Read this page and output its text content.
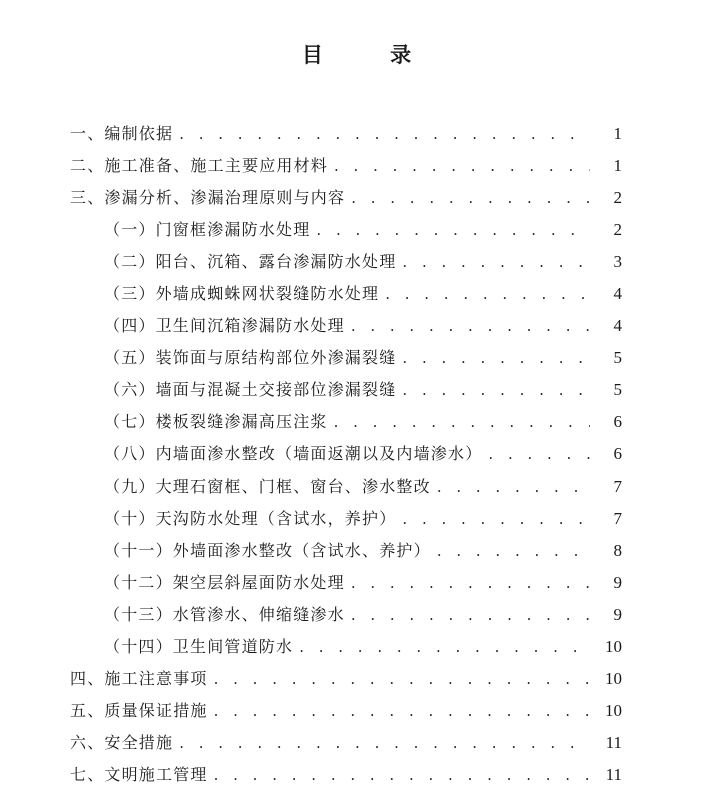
目 录
一、编制依据 . . .	1
二、施工准备、施工主要应用材料 . . .	1
三、渗漏分析、渗漏治理原则与内容 . . .	2
（一）门窗框渗漏防水处理 . . .	2
（二）阳台、沉箱、露台渗漏防水处理 . . .	3
（三）外墙成蜘蛛网状裂缝防水处理 . . .	4
（四）卫生间沉箱渗漏防水处理 . . .	4
（五）装饰面与原结构部位外渗漏裂缝 . . .	5
（六）墙面与混凝土交接部位渗漏裂缝 . . .	5
（七）楼板裂缝渗漏高压注浆 . . .	6
（八）内墙面渗水整改（墙面返潮以及内墙渗水） . . .	6
（九）大理石窗框、门框、窗台、渗水整改 . . .	7
（十）天沟防水处理（含试水，养护） . . .	7
（十一）外墙面渗水整改（含试水、养护） . . .	8
（十二）架空层斜屋面防水处理 . . .	9
（十三）水管渗水、伸缩缝渗水 . . .	9
（十四）卫生间管道防水 . . .	10
四、施工注意事项 . . .	10
五、质量保证措施 . . .	10
六、安全措施 . . .	11
七、文明施工管理 . . .	11
